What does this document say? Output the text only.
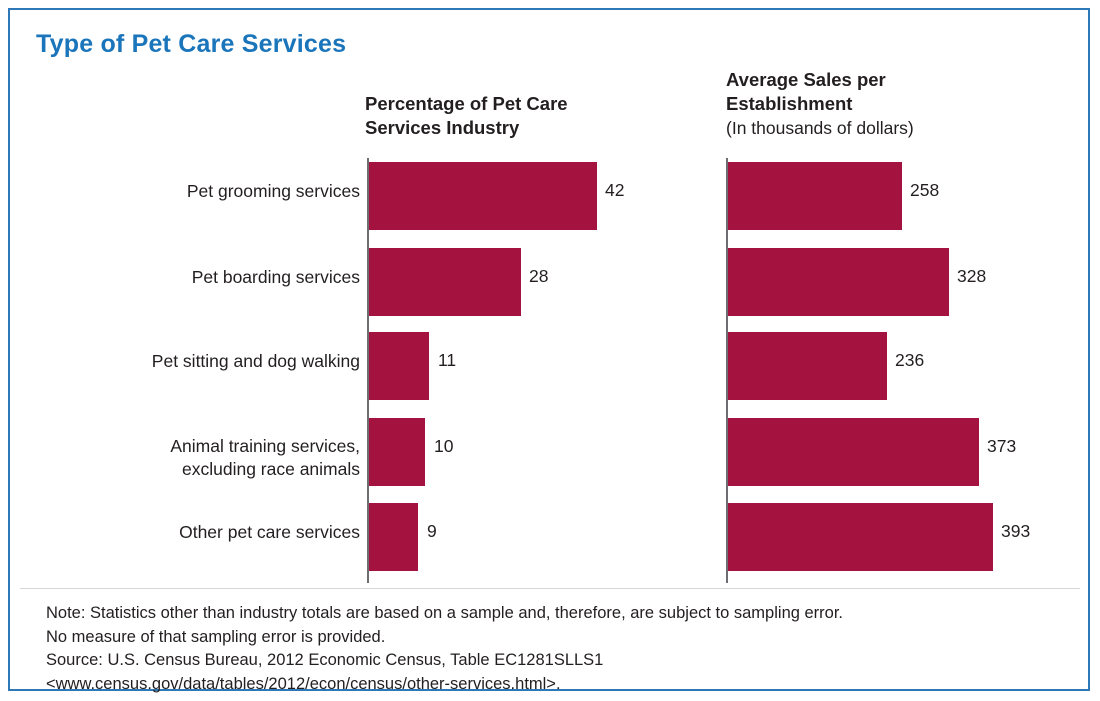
Type of Pet Care Services
Percentage of Pet Care Services Industry
Average Sales per Establishment
(In thousands of dollars)
Pet grooming services	42	258
Pet boarding services	28	328
Pet sitting and dog walking	11	236
Animal training services,
excluding race animals
10	373
Other pet care services	9	393
Note: Statistics other than industry totals are based on a sample and, therefore, are subject to sampling error.
No measure of that sampling error is provided.
Source: U.S. Census Bureau, 2012 Economic Census, Table EC1281SLLS1
<www.census.gov/data/tables/2012/econ/census/other-services.html>.
